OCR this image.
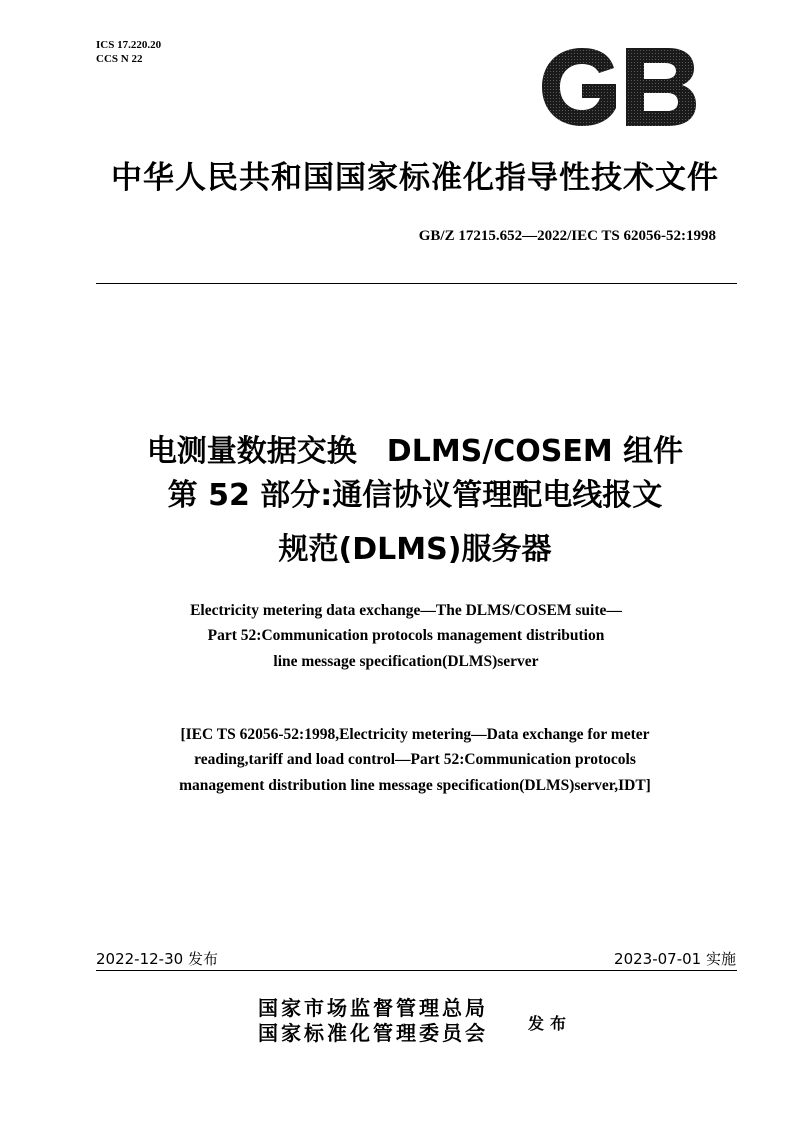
ICS 17.220.20
CCS N 22
中华人民共和国国家标准化指导性技术文件
GB/Z 17215.652—2022/IEC TS 62056-52:1998
电测量数据交换　DLMS/COSEM 组件
第 52 部分:通信协议管理配电线报文
规范(DLMS)服务器
Electricity metering data exchange—The DLMS/COSEM suite—
Part 52:Communication protocols management distribution
line message specification(DLMS)server
[IEC TS 62056-52:1998,Electricity metering—Data exchange for meter
reading,tariff and load control—Part 52:Communication protocols
management distribution line message specification(DLMS)server,IDT]
2022-12-30 发布	2023-07-01 实施
国家市场监督管理总局
国家标准化管理委员会	发布
